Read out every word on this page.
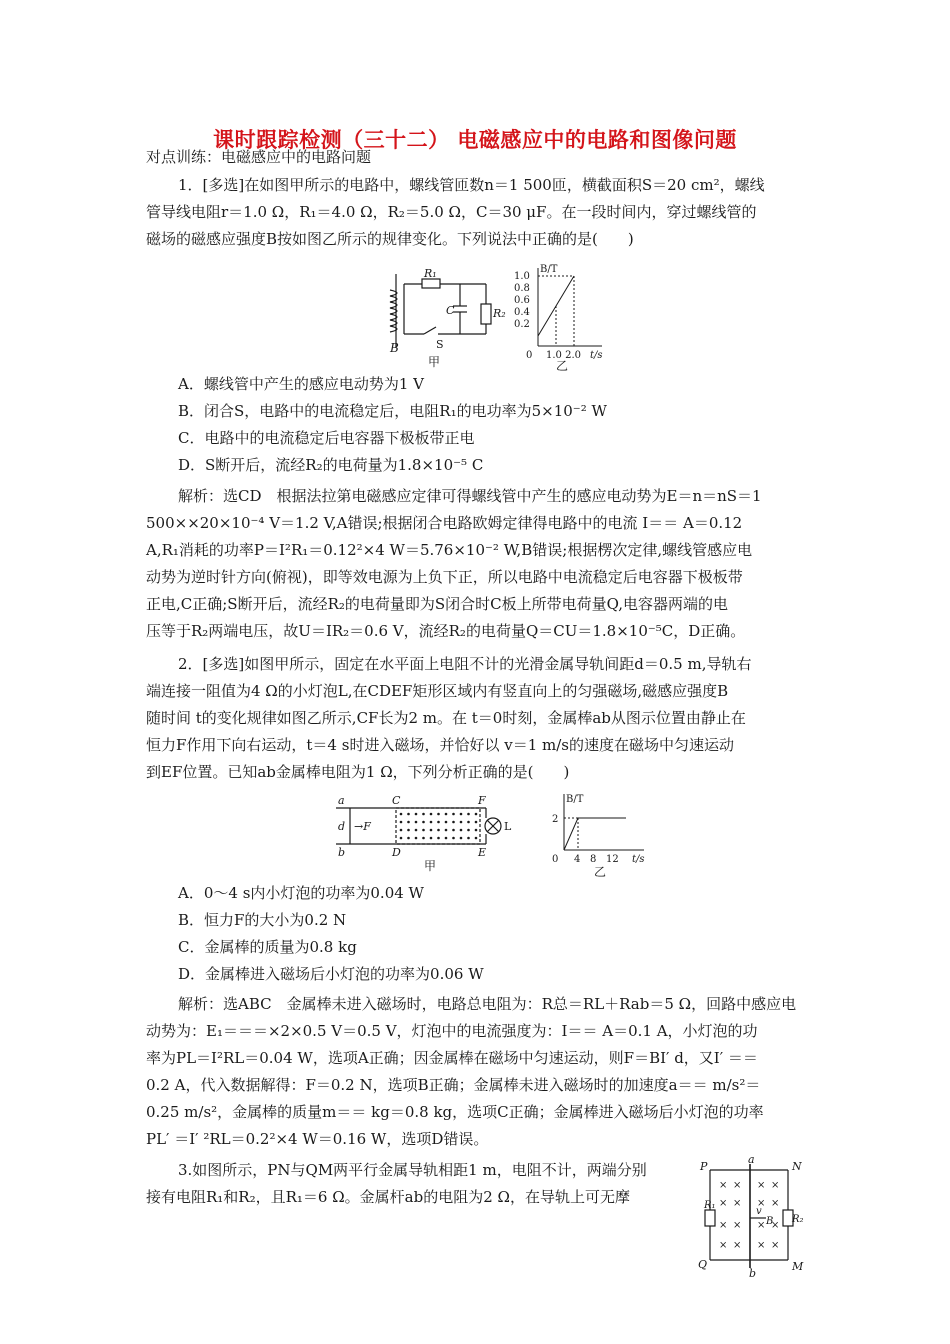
课时跟踪检测（三十二） 电磁感应中的电路和图像问题
对点训练：电磁感应中的电路问题
1．[多选]在如图甲所示的电路中，螺线管匝数n＝1 500匝，横截面积S＝20 cm²，螺线
管导线电阻r＝1.0 Ω，R₁＝4.0 Ω，R₂＝5.0 Ω，C＝30 μF。在一段时间内，穿过螺线管的
磁场的磁感应强度B按如图乙所示的规律变化。下列说法中正确的是(　　)
B
R₁
C	R₂
S
甲
B/T
1.0
0.8
0.6
0.4
0.2
0 1.0 2.0 t/s
乙
A．螺线管中产生的感应电动势为1 V
B．闭合S，电路中的电流稳定后，电阻R₁的电功率为5×10⁻² W
C．电路中的电流稳定后电容器下极板带正电
D．S断开后，流经R₂的电荷量为1.8×10⁻⁵ C
解析：选CD　根据法拉第电磁感应定律可得螺线管中产生的感应电动势为E＝n＝nS＝1
500××20×10⁻⁴ V＝1.2 V,A错误;根据闭合电路欧姆定律得电路中的电流 I＝＝ A＝0.12
A,R₁消耗的功率P＝I²R₁＝0.12²×4 W＝5.76×10⁻² W,B错误;根据楞次定律,螺线管感应电
动势为逆时针方向(俯视)，即等效电源为上负下正，所以电路中电流稳定后电容器下极板带
正电,C正确;S断开后，流经R₂的电荷量即为S闭合时C板上所带电荷量Q,电容器两端的电
压等于R₂两端电压，故U＝IR₂＝0.6 V，流经R₂的电荷量Q＝CU＝1.8×10⁻⁵C，D正确。
2．[多选]如图甲所示，固定在水平面上电阻不计的光滑金属导轨间距d＝0.5 m,导轨右
端连接一阻值为4 Ω的小灯泡L,在CDEF矩形区域内有竖直向上的匀强磁场,磁感应强度B
随时间 t的变化规律如图乙所示,CF长为2 m。在 t＝0时刻，金属棒ab从图示位置由静止在
恒力F作用下向右运动，t＝4 s时进入磁场，并恰好以 v＝1 m/s的速度在磁场中匀速运动
到EF位置。已知ab金属棒电阻为1 Ω，下列分析正确的是(　　)
a
b
d →F
C
D
F
E
L
甲
B/T
2
0 4 8 12 t/s
乙
A．0～4 s内小灯泡的功率为0.04 W
B．恒力F的大小为0.2 N
C．金属棒的质量为0.8 kg
D．金属棒进入磁场后小灯泡的功率为0.06 W
解析：选ABC　金属棒未进入磁场时，电路总电阻为：R总＝RL＋Rab＝5 Ω，回路中感应电
动势为：E₁＝＝＝×2×0.5 V＝0.5 V，灯泡中的电流强度为：I＝＝ A＝0.1 A，小灯泡的功
率为PL＝I²RL＝0.04 W，选项A正确；因金属棒在磁场中匀速运动，则F＝BI′ d，又I′ ＝＝
0.2 A，代入数据解得：F＝0.2 N，选项B正确；金属棒未进入磁场时的加速度a＝＝ m/s²＝
0.25 m/s²，金属棒的质量m＝＝ kg＝0.8 kg，选项C正确；金属棒进入磁场后小灯泡的功率
PL′ ＝I′ ²RL＝0.2²×4 W＝0.16 W，选项D错误。
3.如图所示，PN与QM两平行金属导轨相距1 m，电阻不计，两端分别
接有电阻R₁和R₂，且R₁＝6 Ω。金属杆ab的电阻为2 Ω，在导轨上可无摩
× × × ×
× × × ×
× × × ×
× × × ×
P	N
Q	M
a
b
R₁
R₂
v
B
